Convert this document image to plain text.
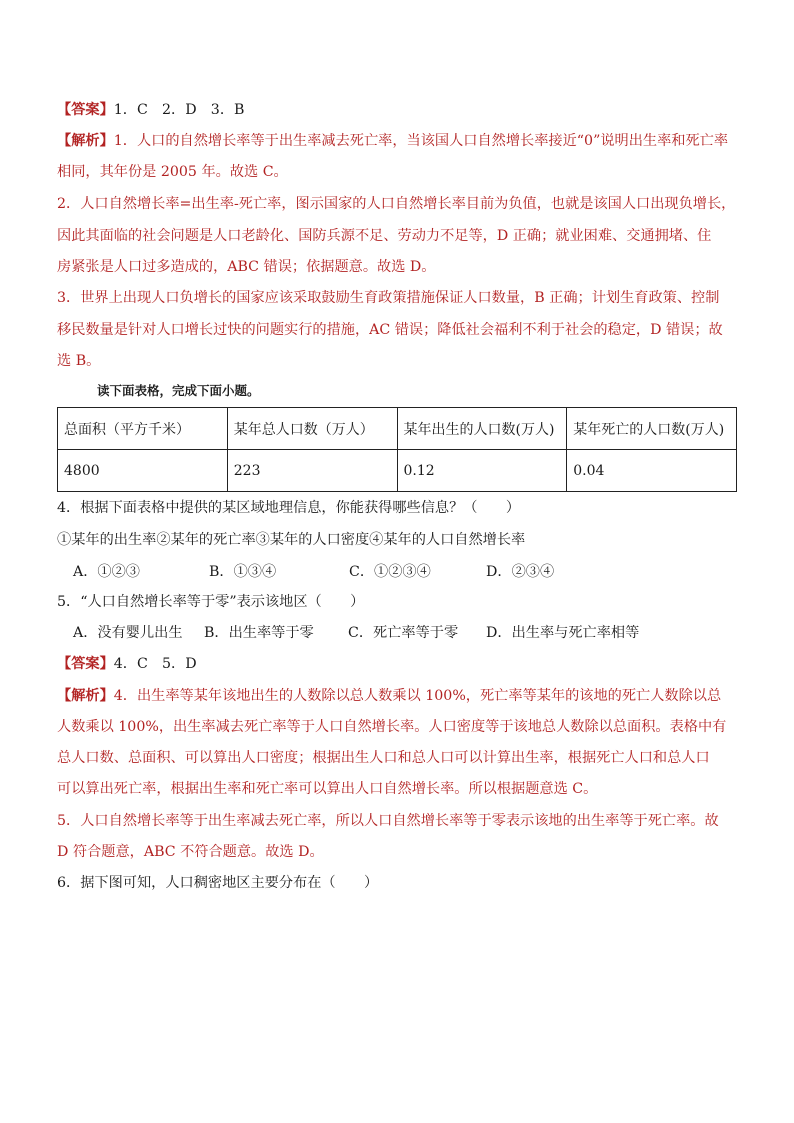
【答案】1．C　2．D　3．B
【解析】1．人口的自然增长率等于出生率减去死亡率，当该国人口自然增长率接近“0”说明出生率和死亡率
相同，其年份是 2005 年。故选 C。
2．人口自然增长率=出生率-死亡率，图示国家的人口自然增长率目前为负值，也就是该国人口出现负增长，
因此其面临的社会问题是人口老龄化、国防兵源不足、劳动力不足等，D 正确；就业困难、交通拥堵、住
房紧张是人口过多造成的，ABC 错误；依据题意。故选 D。
3．世界上出现人口负增长的国家应该采取鼓励生育政策措施保证人口数量，B 正确；计划生育政策、控制
移民数量是针对人口增长过快的问题实行的措施，AC 错误；降低社会福利不利于社会的稳定，D 错误；故
选 B。
读下面表格，完成下面小题。
总面积（平方千米）	某年总人口数（万人）	某年出生的人口数(万人)	某年死亡的人口数(万人)
4800	223	0.12	0.04
4．根据下面表格中提供的某区域地理信息，你能获得哪些信息？（　　）
①某年的出生率②某年的死亡率③某年的人口密度④某年的人口自然增长率
A．①②③	B．①③④	C．①②③④	D．②③④
5．“人口自然增长率等于零”表示该地区（　　）
A．没有婴儿出生 B．出生率等于零 C．死亡率等于零 D．出生率与死亡率相等
【答案】4．C　5．D
【解析】4．出生率等某年该地出生的人数除以总人数乘以 100%，死亡率等某年的该地的死亡人数除以总
人数乘以 100%，出生率减去死亡率等于人口自然增长率。人口密度等于该地总人数除以总面积。表格中有
总人口数、总面积、可以算出人口密度；根据出生人口和总人口可以计算出生率，根据死亡人口和总人口
可以算出死亡率，根据出生率和死亡率可以算出人口自然增长率。所以根据题意选 C。
5．人口自然增长率等于出生率减去死亡率，所以人口自然增长率等于零表示该地的出生率等于死亡率。故
D 符合题意，ABC 不符合题意。故选 D。
6．据下图可知，人口稠密地区主要分布在（　　）
